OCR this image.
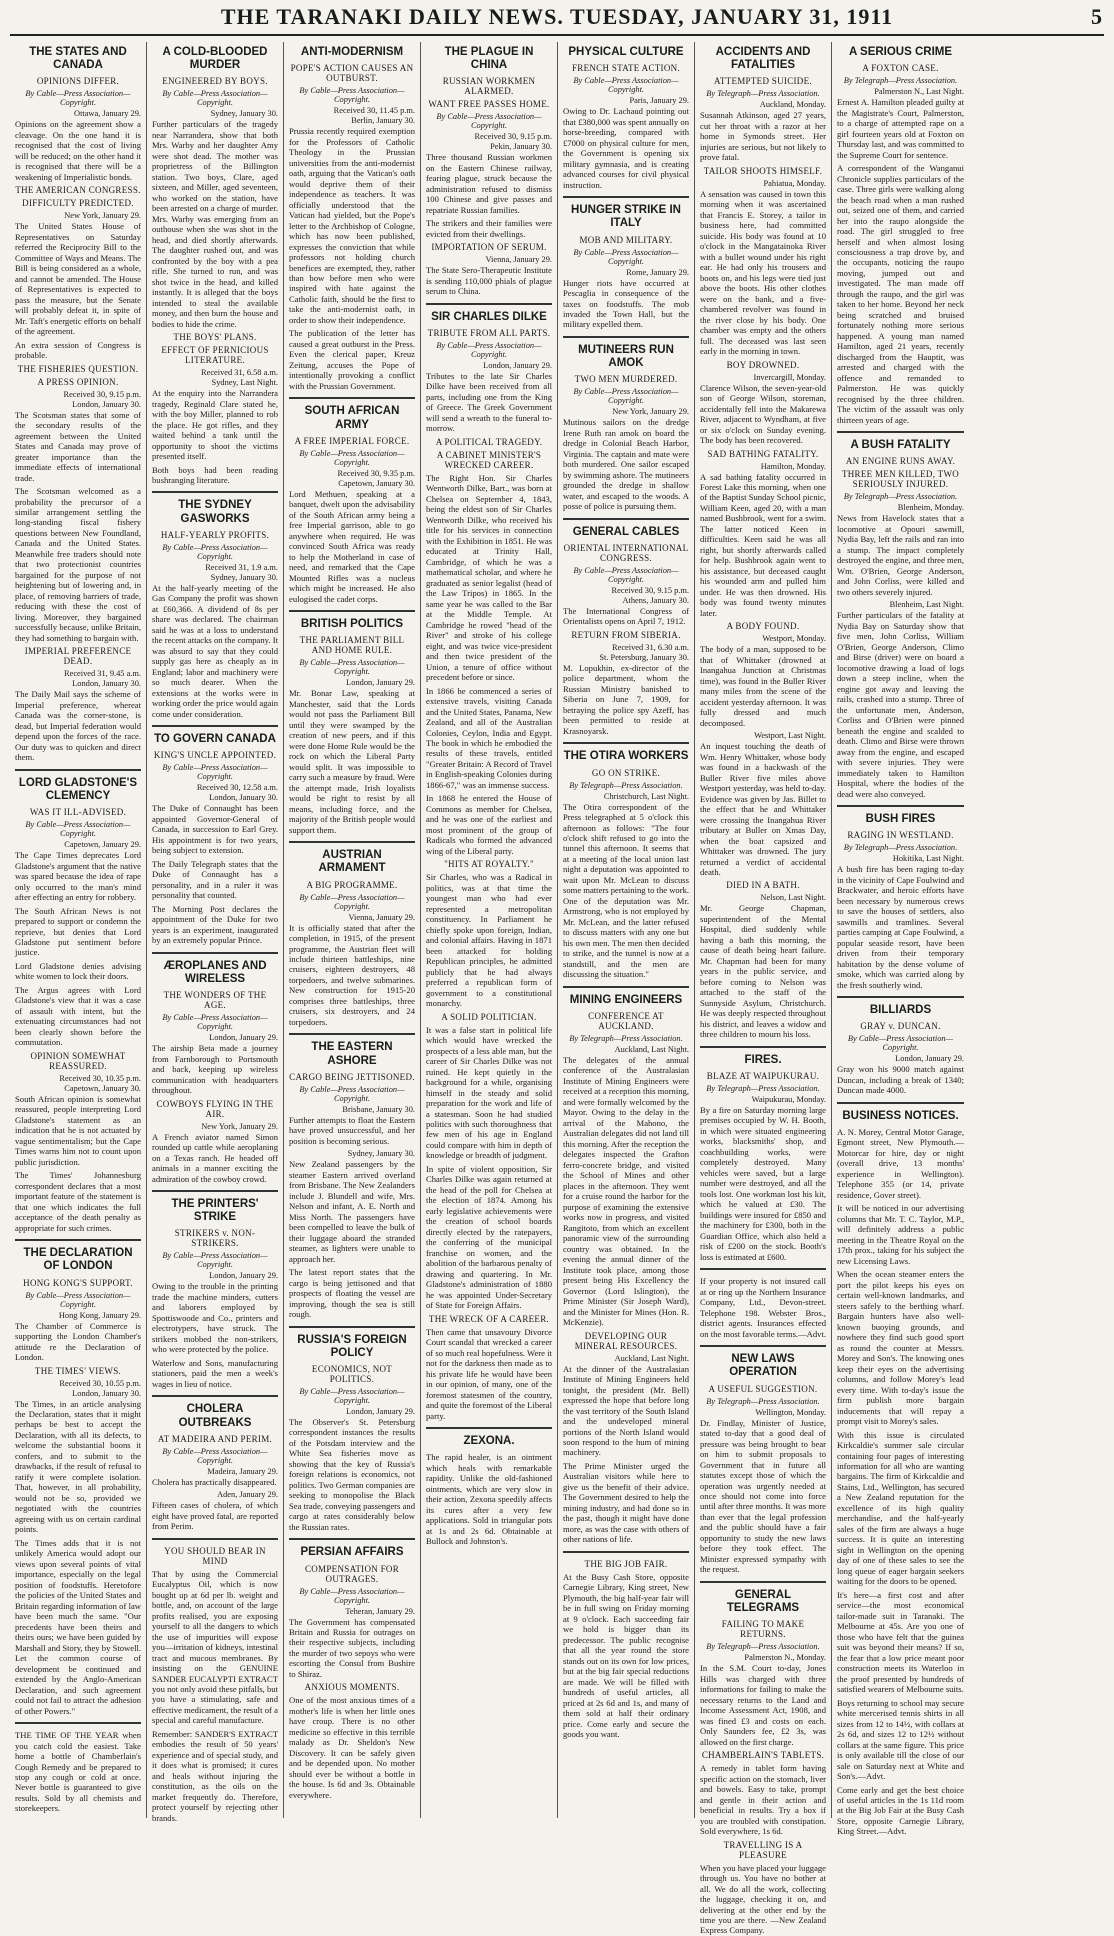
THE TARANAKI DAILY NEWS. TUESDAY, JANUARY 31, 1911	5
THE STATES AND CANADA
OPINIONS DIFFER.
By Cable—Press Association—Copyright.
Ottawa, January 29.

Opinions on the agreement show a cleavage. On the one hand it is recognised that the cost of living will be reduced; on the other hand it is recognised that there will be a weakening of Imperialistic bonds.

THE AMERICAN CONGRESS.
DIFFICULTY PREDICTED.
New York, January 29.

The United States House of Representatives on Saturday referred the Reciprocity Bill to the Committee of Ways and Means. The Bill is being considered as a whole, and cannot be amended. The House of Representatives is expected to pass the measure, but the Senate will probably defeat it, in spite of Mr. Taft's energetic efforts on behalf of the agreement.

An extra session of Congress is probable.

THE FISHERIES QUESTION.
A PRESS OPINION.
Received 30, 9.15 p.m.
London, January 30.

The Scotsman states that some of the secondary results of the agreement between the United States and Canada may prove of greater importance than the immediate effects of international trade.

The Scotsman welcomed as a probability the precursor of a similar arrangement settling the long-standing fiscal fishery questions between New Foundland, Canada and the United States. Meanwhile free traders should note that two protectionist countries bargained for the purpose of not heightening but of lowering and, in place, of removing barriers of trade, reducing with these the cost of living. Moreover, they bargained successfully because, unlike Britain, they had something to bargain with.

IMPERIAL PREFERENCE DEAD.
Received 31, 9.45 a.m.
London, January 30.

The Daily Mail says the scheme of Imperial preference, whereat Canada was the corner-stone, is dead, but Imperial federation would depend upon the forces of the race. Our duty was to quicken and direct them.

LORD GLADSTONE'S CLEMENCY
WAS IT ILL-ADVISED.
By Cable—Press Association—Copyright.
Capetown, January 29.

The Cape Times deprecates Lord Gladstone's argument that the native was spared because the idea of rape only occurred to the man's mind after effecting an entry for robbery.

The South African News is not prepared to support or condemn the reprieve, but denies that Lord Gladstone put sentiment before justice.

Lord Gladstone denies advising white women to lock their doors.

The Argus agrees with Lord Gladstone's view that it was a case of assault with intent, but the extenuating circumstances had not been clearly shown before the commutation.

OPINION SOMEWHAT REASSURED.
Received 30, 10.35 p.m.
Capetown, January 30.

South African opinion is somewhat reassured, people interpreting Lord Gladstone's statement as an indication that he is not actuated by vague sentimentalism; but the Cape Times warns him not to count upon public jurisdiction.

The Times' Johannesburg correspondent declares that a most important feature of the statement is that one which indicates the full acceptance of the death penalty as appropriate for such crimes.

THE DECLARATION OF LONDON
HONG KONG'S SUPPORT.
By Cable—Press Association—Copyright.
Hong Kong, January 29.

The Chamber of Commerce is supporting the London Chamber's attitude re the Declaration of London.

THE TIMES' VIEWS.
Received 30, 10.55 p.m.
London, January 30.

The Times, in an article analysing the Declaration, states that it might perhaps be best to accept the Declaration, with all its defects, to welcome the substantial boons it confers, and to submit to the drawbacks, if the result of refusal to ratify it were complete isolation. That, however, in all probability, would not be so, provided we negotiated with the countries agreeing with us on certain cardinal points.

The Times adds that it is not unlikely America would adopt our views upon several points of vital importance, especially on the legal position of foodstuffs. Heretofore the policies of the United States and Britain regarding information of law have been much the same. "Our precedents have been theirs and theirs ours; we have been guided by Marshall and Story, they by Stowell. Let the common course of development be continued and extended by the Anglo-American Declaration, and such agreement could not fail to attract the adhesion of other Powers."

THE TIME OF THE YEAR when you catch cold the easiest. Take home a bottle of Chamberlain's Cough Remedy and be prepared to stop any cough or cold at once. Never bottle is guaranteed to give results. Sold by all chemists and storekeepers.

A COLD-BLOODED MURDER
ENGINEERED BY BOYS.
By Cable—Press Association—Copyright.
Sydney, January 30.

Further particulars of the tragedy near Narrandera, show that both Mrs. Warby and her daughter Amy were shot dead. The mother was proprietress of the Billington station. Two boys, Clare, aged sixteen, and Miller, aged seventeen, who worked on the station, have been arrested on a charge of murder. Mrs. Warby was emerging from an outhouse when she was shot in the head, and died shortly afterwards. The daughter rushed out, and was confronted by the boy with a pea rifle. She turned to run, and was shot twice in the head, and killed instantly. It is alleged that the boys intended to steal the available money, and then burn the house and bodies to hide the crime.

THE BOYS' PLANS.
EFFECT OF PERNICIOUS LITERATURE.
Received 31, 6.58 a.m.
Sydney, Last Night.

At the enquiry into the Narrandera tragedy, Reginald Clare stated he, with the boy Miller, planned to rob the place. He got rifles, and they waited behind a tank until the opportunity to shoot the victims presented itself.

Both boys had been reading bushranging literature.

THE SYDNEY GASWORKS
HALF-YEARLY PROFITS.
By Cable—Press Association—Copyright.
Received 31, 1.9 a.m.
Sydney, January 30.

At the half-yearly meeting of the Gas Company the profit was shown at £60,366. A dividend of 8s per share was declared. The chairman said he was at a loss to understand the recent attacks on the company. It was absurd to say that they could supply gas here as cheaply as in England; labor and machinery were so much dearer. When the extensions at the works were in working order the price would again come under consideration.

TO GOVERN CANADA
KING'S UNCLE APPOINTED.
By Cable—Press Association—Copyright.
Received 30, 12.58 a.m.
London, January 30.

The Duke of Connaught has been appointed Governor-General of Canada, in succession to Earl Grey. His appointment is for two years, being subject to extension.

The Daily Telegraph states that the Duke of Connaught has a personality, and in a ruler it was personality that counted.

The Morning Post declares the appointment of the Duke for two years is an experiment, inaugurated by an extremely popular Prince.

ÆROPLANES AND WIRELESS
THE WONDERS OF THE AGE.
By Cable—Press Association—Copyright.
London, January 29.

The airship Beta made a journey from Farnborough to Portsmouth and back, keeping up wireless communication with headquarters throughout.

COWBOYS FLYING IN THE AIR.
New York, January 29.

A French aviator named Simon rounded up cattle while aeroplaning on a Texas ranch. He headed off animals in a manner exciting the admiration of the cowboy crowd.

THE PRINTERS' STRIKE
STRIKERS v. NON-STRIKERS.
By Cable—Press Association—Copyright.
London, January 29.

Owing to the trouble in the printing trade the machine minders, cutters and laborers employed by Spottiswoode and Co., printers and electrotypers, have struck. The strikers mobbed the non-strikers, who were protected by the police.

Waterlow and Sons, manufacturing stationers, paid the men a week's wages in lieu of notice.

CHOLERA OUTBREAKS
AT MADEIRA AND PERIM.
By Cable—Press Association—Copyright.
Madeira, January 29.

Cholera has practically disappeared.

Aden, January 29.

Fifteen cases of cholera, of which eight have proved fatal, are reported from Perim.

YOU SHOULD BEAR IN MIND

That by using the Commercial Eucalyptus Oil, which is now bought up at 6d per lb. weight and bottle, and, on account of the large profits realised, you are exposing yourself to all the dangers to which the use of impurities will expose you—irritation of kidneys, intestinal tract and mucous membranes. By insisting on the GENUINE SANDER EUCALYPTI EXTRACT you not only avoid these pitfalls, but you have a stimulating, safe and effective medicament, the result of a special and careful manufacture.

Remember: SANDER'S EXTRACT embodies the result of 50 years' experience and of special study, and it does what is promised; it cures and heals without injuring the constitution, as the oils on the market frequently do. Therefore, protect yourself by rejecting other brands.

ANTI-MODERNISM
POPE'S ACTION CAUSES AN OUTBURST.
By Cable—Press Association—Copyright.
Received 30, 11.45 p.m.
Berlin, January 30.

Prussia recently required exemption for the Professors of Catholic Theology in the Prussian universities from the anti-modernist oath, arguing that the Vatican's oath would deprive them of their independence as teachers. It was officially understood that the Vatican had yielded, but the Pope's letter to the Archbishop of Cologne, which has now been published, expresses the conviction that while professors not holding church benefices are exempted, they, rather than bow before men who were inspired with hate against the Catholic faith, should be the first to take the anti-modernist oath, in order to show their independence.

The publication of the letter has caused a great outburst in the Press. Even the clerical paper, Kreuz Zeitung, accuses the Pope of intentionally provoking a conflict with the Prussian Government.

SOUTH AFRICAN ARMY
A FREE IMPERIAL FORCE.
By Cable—Press Association—Copyright.
Received 30, 9.35 p.m.
Capetown, January 30.

Lord Methuen, speaking at a banquet, dwelt upon the advisability of the South African army being a free Imperial garrison, able to go anywhere when required. He was convinced South Africa was ready to help the Motherland in case of need, and remarked that the Cape Mounted Rifles was a nucleus which might be increased. He also eulogised the cadet corps.

BRITISH POLITICS
THE PARLIAMENT BILL AND HOME RULE.
By Cable—Press Association—Copyright.
London, January 29.

Mr. Bonar Law, speaking at Manchester, said that the Lords would not pass the Parliament Bill until they were swamped by the creation of new peers, and if this were done Home Rule would be the rock on which the Liberal Party would split. It was impossible to carry such a measure by fraud. Were the attempt made, Irish loyalists would be right to resist by all means, including force, and the majority of the British people would support them.

AUSTRIAN ARMAMENT
A BIG PROGRAMME.
By Cable—Press Association—Copyright.
Vienna, January 29.

It is officially stated that after the completion, in 1915, of the present programme, the Austrian fleet will include thirteen battleships, nine cruisers, eighteen destroyers, 48 torpedoers, and twelve submarines. New construction for 1915-20 comprises three battleships, three cruisers, six destroyers, and 24 torpedoers.

THE EASTERN ASHORE
CARGO BEING JETTISONED.
By Cable—Press Association—Copyright.
Brisbane, January 30.

Further attempts to float the Eastern have proved unsuccessful, and her position is becoming serious.

Sydney, January 30.

New Zealand passengers by the steamer Eastern arrived overland from Brisbane. The New Zealanders include J. Blundell and wife, Mrs. Nelson and infant, A. E. North and Miss North. The passengers have been compelled to leave the bulk of their luggage aboard the stranded steamer, as lighters were unable to approach her.

The latest report states that the cargo is being jettisoned and that prospects of floating the vessel are improving, though the sea is still rough.

RUSSIA'S FOREIGN POLICY
ECONOMICS, NOT POLITICS.
By Cable—Press Association—Copyright.
London, January 29.

The Observer's St. Petersburg correspondent instances the results of the Potsdam interview and the White Sea fisheries move as showing that the key of Russia's foreign relations is economics, not politics. Two German companies are seeking to monopolise the Black Sea trade, conveying passengers and cargo at rates considerably below the Russian rates.

PERSIAN AFFAIRS
COMPENSATION FOR OUTRAGES.
By Cable—Press Association—Copyright.
Teheran, January 29.

The Government has compensated Britain and Russia for outrages on their respective subjects, including the murder of two sepoys who were escorting the Consul from Bushire to Shiraz.

ANXIOUS MOMENTS.

One of the most anxious times of a mother's life is when her little ones have croup. There is no other medicine so effective in this terrible malady as Dr. Sheldon's New Discovery. It can be safely given and be depended upon. No mother should ever be without a bottle in the house. Is 6d and 3s. Obtainable everywhere.

THE PLAGUE IN CHINA
RUSSIAN WORKMEN ALARMED.
WANT FREE PASSES HOME.
By Cable—Press Association—Copyright.
Received 30, 9.15 p.m.
Pekin, January 30.

Three thousand Russian workmen on the Eastern Chinese railway, fearing plague, struck because the administration refused to dismiss 100 Chinese and give passes and repatriate Russian families.

The strikers and their families were evicted from their dwellings.

IMPORTATION OF SERUM.
Vienna, January 29.

The State Sero-Therapeutic Institute is sending 110,000 phials of plague serum to China.

SIR CHARLES DILKE
TRIBUTE FROM ALL PARTS.
By Cable—Press Association—Copyright.
London, January 29.

Tributes to the late Sir Charles Dilke have been received from all parts, including one from the King of Greece. The Greek Government will send a wreath to the funeral to-morrow.

A POLITICAL TRAGEDY.
A CABINET MINISTER'S WRECKED CAREER.

The Right Hon. Sir Charles Wentworth Dilke, Bart., was born at Chelsea on September 4, 1843, being the eldest son of Sir Charles Wentworth Dilke, who received his title for his services in connection with the Exhibition in 1851. He was educated at Trinity Hall, Cambridge, of which he was a mathematical scholar, and where he graduated as senior legalist (head of the Law Tripos) in 1865. In the same year he was called to the Bar at the Middle Temple. At Cambridge he rowed "head of the River" and stroke of his college eight, and was twice vice-president and then twice president of the Union, a tenure of office without precedent before or since.

In 1866 he commenced a series of extensive travels, visiting Canada and the United States, Panama, New Zealand, and all of the Australian Colonies, Ceylon, India and Egypt. The book in which he embodied the results of these travels, entitled "Greater Britain: A Record of Travel in English-speaking Colonies during 1866-67," was an immense success.

In 1868 he entered the House of Commons as member for Chelsea, and he was one of the earliest and most prominent of the group of Radicals who formed the advanced wing of the Liberal party.

"HITS AT ROYALTY."

Sir Charles, who was a Radical in politics, was at that time the youngest man who had ever represented a metropolitan constituency. In Parliament he chiefly spoke upon foreign, Indian, and colonial affairs. Having in 1871 been attacked for holding Republican principles, he admitted publicly that he had always preferred a republican form of government to a constitutional monarchy.

A SOLID POLITICIAN.

It was a false start in political life which would have wrecked the prospects of a less able man, but the career of Sir Charles Dilke was not ruined. He kept quietly in the background for a while, organising himself in the steady and solid preparation for the work and life of a statesman. Soon he had studied politics with such thoroughness that few men of his age in England could compare with him in depth of knowledge or breadth of judgment.

In spite of violent opposition, Sir Charles Dilke was again returned at the head of the poll for Chelsea at the election of 1874. Among his early legislative achievements were the creation of school boards directly elected by the ratepayers, the conferring of the municipal franchise on women, and the abolition of the barbarous penalty of drawing and quartering. In Mr. Gladstone's administration of 1880 he was appointed Under-Secretary of State for Foreign Affairs.

THE WRECK OF A CAREER.

Then came that unsavoury Divorce Court scandal that wrecked a career of so much real hopefulness. Were it not for the darkness then made as to his private life he would have been in our opinion, of many, one of the foremost statesmen of the country, and quite the foremost of the Liberal party.

ZEXONA.

The rapid healer, is an ointment which heals with remarkable rapidity. Unlike the old-fashioned ointments, which are very slow in their action, Zexona speedily affects its cures after a very few applications. Sold in triangular pots at 1s and 2s 6d. Obtainable at Bullock and Johnston's.

PHYSICAL CULTURE
FRENCH STATE ACTION.
By Cable—Press Association—Copyright.
Paris, January 29.

Owing to Dr. Lachaud pointing out that £380,000 was spent annually on horse-breeding, compared with £7000 on physical culture for men, the Government is opening six military gymnasia, and is creating advanced courses for civil physical instruction.

HUNGER STRIKE IN ITALY
MOB AND MILITARY.
By Cable—Press Association—Copyright.
Rome, January 29.

Hunger riots have occurred at Pescaglia in consequence of the taxes on foodstuffs. The mob invaded the Town Hall, but the military expelled them.

MUTINEERS RUN AMOK
TWO MEN MURDERED.
By Cable—Press Association—Copyright.
New York, January 29.

Mutinous sailors on the dredge Irene Ruth ran amok on board the dredge in Colonial Beach Harbor, Virginia. The captain and mate were both murdered. One sailor escaped by swimming ashore. The mutineers grounded the dredge in shallow water, and escaped to the woods. A posse of police is pursuing them.

GENERAL CABLES
ORIENTAL INTERNATIONAL CONGRESS.
By Cable—Press Association—Copyright.
Received 30, 9.15 p.m.
Athens, January 30.

The International Congress of Orientalists opens on April 7, 1912.

RETURN FROM SIBERIA.
Received 31, 6.30 a.m.
St. Petersburg, January 30.

M. Lopukhin, ex-director of the police department, whom the Russian Ministry banished to Siberia on June 7, 1909, for betraying the police spy Azeff, has been permitted to reside at Krasnoyarsk.

THE OTIRA WORKERS
GO ON STRIKE.
By Telegraph—Press Association.
Christchurch, Last Night.

The Otira correspondent of the Press telegraphed at 5 o'clock this afternoon as follows: "The four o'clock shift refused to go into the tunnel this afternoon. It seems that at a meeting of the local union last night a deputation was appointed to wait upon Mr. McLean to discuss some matters pertaining to the work. One of the deputation was Mr. Armstrong, who is not employed by Mr. McLean, and the latter refused to discuss matters with any one but his own men. The men then decided to strike, and the tunnel is now at a standstill, and the men are discussing the situation."

MINING ENGINEERS
CONFERENCE AT AUCKLAND.
By Telegraph—Press Association.
Auckland, Last Night.

The delegates of the annual conference of the Australasian Institute of Mining Engineers were received at a reception this morning, and were formally welcomed by the Mayor. Owing to the delay in the arrival of the Mahono, the Australian delegates did not land till this morning. After the reception the delegates inspected the Grafton ferro-concrete bridge, and visited the School of Mines and other places in the afternoon. They went for a cruise round the harbor for the purpose of examining the extensive works now in progress, and visited Rangitoto, from which an excellent panoramic view of the surrounding country was obtained. In the evening the annual dinner of the Institute took place, among those present being His Excellency the Governor (Lord Islington), the Prime Minister (Sir Joseph Ward), and the Minister for Mines (Hon. R. McKenzie).

DEVELOPING OUR MINERAL RESOURCES.
Auckland, Last Night.

At the dinner of the Australasian Institute of Mining Engineers held tonight, the president (Mr. Bell) expressed the hope that before long the vast territory of the South Island and the undeveloped mineral portions of the North Island would soon respond to the hum of mining machinery.

The Prime Minister urged the Australian visitors while here to give us the benefit of their advice. The Government desired to help the mining industry, and had done so in the past, though it might have done more, as was the case with others of other nations of life.

THE BIG JOB FAIR.

At the Busy Cash Store, opposite Carnegie Library, King street, New Plymouth, the big half-year fair will be in full swing on Friday morning at 9 o'clock. Each succeeding fair we hold is bigger than its predecessor. The public recognise that all the year round the store stands out on its own for low prices, but at the big fair special reductions are made. We will be filled with hundreds of useful articles, all priced at 2s 6d and 1s, and many of them sold at half their ordinary price. Come early and secure the goods you want.

ACCIDENTS AND FATALITIES
ATTEMPTED SUICIDE.
By Telegraph—Press Association.
Auckland, Monday.

Susannah Atkinson, aged 27 years, cut her throat with a razor at her home in Symonds street. Her injuries are serious, but not likely to prove fatal.

TAILOR SHOOTS HIMSELF.
Pahiatua, Monday.

A sensation was caused in town this morning when it was ascertained that Francis E. Storey, a tailor in business here, had committed suicide. His body was found at 10 o'clock in the Mangatainoka River with a bullet wound under his right ear. He had only his trousers and boots on, and his legs were tied just above the boots. His other clothes were on the bank, and a five-chambered revolver was found in the river close by his body. One chamber was empty and the others full. The deceased was last seen early in the morning in town.

BOY DROWNED.
Invercargill, Monday.

Clarence Wilson, the seven-year-old son of George Wilson, storeman, accidentally fell into the Makarewa River, adjacent to Wyndham, at five or six o'clock on Sunday evening. The body has been recovered.

SAD BATHING FATALITY.
Hamilton, Monday.

A sad bathing fatality occurred in Forest Lake this morning, when one of the Baptist Sunday School picnic, William Keen, aged 20, with a man named Bushbrook, went for a swim. The latter noticed Keen in difficulties. Keen said he was all right, but shortly afterwards called for help. Bushbrook again went to his assistance, but deceased caught his wounded arm and pulled him under. He was then drowned. His body was found twenty minutes later.

A BODY FOUND.
Westport, Monday.

The body of a man, supposed to be that of Whittaker (drowned at Inangahua Junction at Christmas time), was found in the Buller River many miles from the scene of the accident yesterday afternoon. It was fully dressed and much decomposed.

Westport, Last Night.

An inquest touching the death of Wm. Henry Whittaker, whose body was found in a backwash of the Buller River five miles above Westport yesterday, was held to-day. Evidence was given by Jas. Billet to the effect that he and Whittaker were crossing the Inangahua River tributary at Buller on Xmas Day, when the boat capsized and Whittaker was drowned. The jury returned a verdict of accidental death.

DIED IN A BATH.
Nelson, Last Night.

Mr. George Chapman, superintendent of the Mental Hospital, died suddenly while having a bath this morning, the cause of death being heart failure. Mr. Chapman had been for many years in the public service, and before coming to Nelson was attached to the staff of the Sunnyside Asylum, Christchurch. He was deeply respected throughout his district, and leaves a widow and three children to mourn his loss.

FIRES.
BLAZE AT WAIPUKURAU.
By Telegraph—Press Association.
Waipukurau, Monday.

By a fire on Saturday morning large premises occupied by W. H. Booth, in which were situated engineering works, blacksmiths' shop, and coachbuilding works, were completely destroyed. Many vehicles were saved, but a large number were destroyed, and all the tools lost. One workman lost his kit, which he valued at £30. The buildings were insured for £850 and the machinery for £300, both in the Guardian Office, which also held a risk of £200 on the stock. Booth's loss is estimated at £600.

If your property is not insured call at or ring up the Northern Insurance Company, Ltd., Devon-street. Telephone 198. Webster Bros., district agents. Insurances effected on the most favorable terms.—Advt.

NEW LAWS OPERATION
A USEFUL SUGGESTION.
By Telegraph—Press Association.
Wellington, Monday.

Dr. Findlay, Minister of Justice, stated to-day that a good deal of pressure was being brought to bear on him to submit proposals to Government that in future all statutes except those of which the operation was urgently needed at once should not come into force until after three months. It was more than ever that the legal profession and the public should have a fair opportunity to study the new laws before they took effect. The Minister expressed sympathy with the request.

GENERAL TELEGRAMS
FAILING TO MAKE RETURNS.
By Telegraph—Press Association.
Palmerston N., Monday.

In the S.M. Court to-day, Jones Hills was charged with three informations for failing to make the necessary returns to the Land and Income Assessment Act, 1908, and was fined £3 and costs on each. Only Saunders fee, £2 3s, was allowed on the first charge.

CHAMBERLAIN'S TABLETS.

A remedy in tablet form having specific action on the stomach, liver and bowels. Easy to take, prompt and gentle in their action and beneficial in results. Try a box if you are troubled with constipation. Sold everywhere, 1s 6d.

TRAVELLING IS A PLEASURE

When you have placed your luggage through us. You have no bother at all. We do all the work, collecting the luggage, checking it on, and delivering at the other end by the time you are there. —New Zealand Express Company.

A SERIOUS CRIME
A FOXTON CASE.
By Telegraph—Press Association.
Palmerston N., Last Night.

Ernest A. Hamilton pleaded guilty at the Magistrate's Court, Palmerston, to a charge of attempted rape on a girl fourteen years old at Foxton on Thursday last, and was committed to the Supreme Court for sentence.

A correspondent of the Wanganui Chronicle supplies particulars of the case. Three girls were walking along the beach road when a man rushed out, seized one of them, and carried her into the raupo alongside the road. The girl struggled to free herself and when almost losing consciousness a trap drove by, and the occupants, noticing the raupo moving, jumped out and investigated. The man made off through the raupo, and the girl was taken to her home. Beyond her neck being scratched and bruised fortunately nothing more serious happened. A young man named Hamilton, aged 21 years, recently discharged from the Hauptit, was arrested and charged with the offence and remanded to Palmerston. He was quickly recognised by the three children. The victim of the assault was only thirteen years of age.

A BUSH FATALITY
AN ENGINE RUNS AWAY.
THREE MEN KILLED, TWO SERIOUSLY INJURED.
By Telegraph—Press Association.
Blenheim, Monday.

News from Havelock states that a locomotive at Opouri sawmill, Nydia Bay, left the rails and ran into a stump. The impact completely destroyed the engine, and three men, Wm. O'Brien, George Anderson, and John Corliss, were killed and two others severely injured.

Blenheim, Last Night.

Further particulars of the fatality at Nydia Bay on Saturday show that five men, John Corliss, William O'Brien, George Anderson, Climo and Birse (driver) were on board a locomotive drawing a load of logs down a steep incline, when the engine got away and leaving the rails, crashed into a stump. Three of the unfortunate men, Anderson, Corliss and O'Brien were pinned beneath the engine and scalded to death. Climo and Birse were thrown away from the engine, and escaped with severe injuries. They were immediately taken to Hamilton Hospital, where the bodies of the dead were also conveyed.

BUSH FIRES
RAGING IN WESTLAND.
By Telegraph—Press Association.
Hokitika, Last Night.

A bush fire has been raging to-day in the vicinity of Cape Foulwind and Brackwater, and heroic efforts have been necessary by numerous crews to save the houses of settlers, also sawmills and tramlines. Several parties camping at Cape Foulwind, a popular seaside resort, have been driven from their temporary habitation by the dense volume of smoke, which was carried along by the fresh southerly wind.

BILLIARDS
GRAY v. DUNCAN.
By Cable—Press Association—Copyright.
London, January 29.

Gray won his 9000 match against Duncan, including a break of 1340; Duncan made 4000.

BUSINESS NOTICES.

A. N. Morey, Central Motor Garage, Egmont street, New Plymouth.—Motorcar for hire, day or night (overall drive, 13 months' experience in Wellington). Telephone 355 (or 14, private residence, Gover street).

It will be noticed in our advertising columns that Mr. T. C. Taylor, M.P., will definitely address a public meeting in the Theatre Royal on the 17th prox., taking for his subject the new Licensing Laws.

When the ocean steamer enters the port the pilot keeps his eyes on certain well-known landmarks, and steers safely to the berthing wharf. Bargain hunters have also well-known buoying grounds, and nowhere they find such good sport as round the counter at Messrs. Morey and Son's. The knowing ones keep their eyes on the advertising columns, and follow Morey's lead every time. With to-day's issue the firm publish more bargain inducements that will repay a prompt visit to Morey's sales.

With this issue is circulated Kirkcaldie's summer sale circular containing four pages of interesting information for all who are wanting bargains. The firm of Kirkcaldie and Stains, Ltd., Wellington, has secured a New Zealand reputation for the excellence of its high quality merchandise, and the half-yearly sales of the firm are always a huge success. It is quite an interesting sight in Wellington on the opening day of one of these sales to see the long queue of eager bargain seekers waiting for the doors to be opened.

It's here—a first cost and after service—the most economical tailor-made suit in Taranaki. The Melbourne at 45s. Are you one of those who have felt that the guinea suit was beyond their means? If so, the fear that a low price meant poor construction meets its Waterloo in the proof presented by hundreds of satisfied wearers of Melbourne suits.

Boys returning to school may secure white mercerised tennis shirts in all sizes from 12 to 14½, with collars at 2s 6d, and sizes 12 to 12½ without collars at the same figure. This price is only available till the close of our sale on Saturday next at White and Son's.—Advt.

Come early and get the best choice of useful articles in the 1s 11d room at the Big Job Fair at the Busy Cash Store, opposite Carnegie Library, King Street.—Advt.
